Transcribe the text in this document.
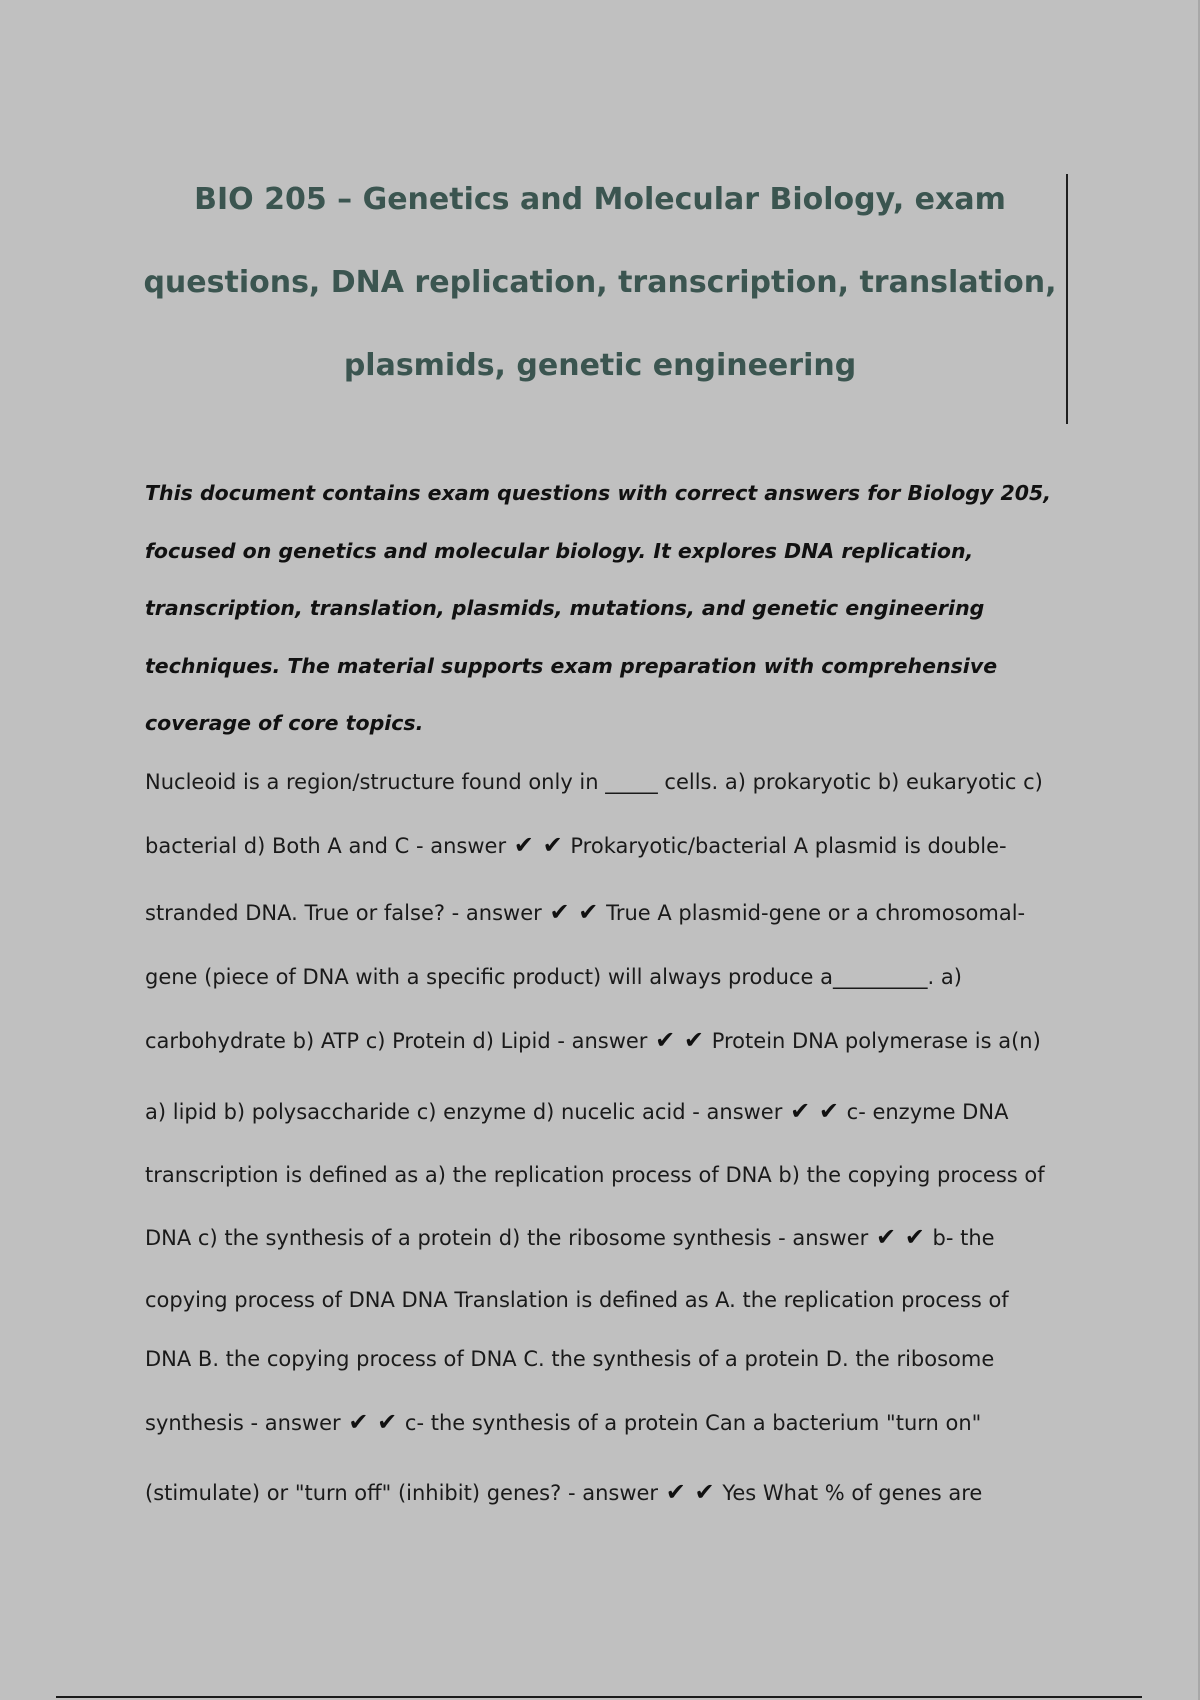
BIO 205 – Genetics and Molecular Biology, exam questions, DNA replication, transcription, translation, plasmids, genetic engineering

This document contains exam questions with correct answers for Biology 205, focused on genetics and molecular biology. It explores DNA replication, transcription, translation, plasmids, mutations, and genetic engineering techniques. The material supports exam preparation with comprehensive coverage of core topics.

Nucleoid is a region/structure found only in _____ cells. a) prokaryotic b) eukaryotic c)

bacterial d) Both A and C - answer ✔ ✔ Prokaryotic/bacterial A plasmid is double-

stranded DNA. True or false? - answer ✔ ✔ True A plasmid-gene or a chromosomal-

gene (piece of DNA with a specific product) will always produce a_________. a)

carbohydrate b) ATP c) Protein d) Lipid - answer ✔ ✔ Protein DNA polymerase is a(n)

a) lipid b) polysaccharide c) enzyme d) nucelic acid - answer ✔ ✔ c- enzyme DNA

transcription is defined as a) the replication process of DNA b) the copying process of

DNA c) the synthesis of a protein d) the ribosome synthesis - answer ✔ ✔ b- the

copying process of DNA DNA Translation is defined as A. the replication process of

DNA B. the copying process of DNA C. the synthesis of a protein D. the ribosome

synthesis - answer ✔ ✔ c- the synthesis of a protein Can a bacterium "turn on"

(stimulate) or "turn off" (inhibit) genes? - answer ✔ ✔ Yes What % of genes are
